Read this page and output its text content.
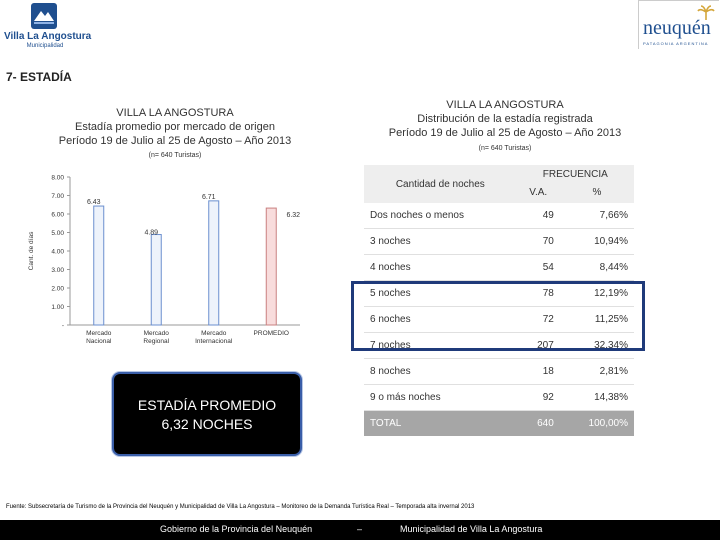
Villa La Angostura
Municipalidad
neuquén
PATAGONIA ARGENTINA
7- ESTADÍA
VILLA LA ANGOSTURA
Estadía promedio por mercado de origen
Período 19 de Julio al 25 de Agosto – Año 2013
(n= 640 Turistas)
-
1.00
2.00
3.00
4.00
5.00
6.00
7.00
8.00
Cant. de días
6.43
Mercado
Nacional
4.89
Mercado
Regional
6.71
Mercado
Internacional
6.32
PROMEDIO
VILLA LA ANGOSTURA
Distribución de la estadía registrada
Período 19 de Julio al 25 de Agosto – Año 2013
(n= 640 Turistas)
Cantidad de noches	FRECUENCIA	
	V.A.	%
Dos noches o menos	49	7,66%
3 noches	70	10,94%
4 noches	54	8,44%
5 noches	78	12,19%
6 noches	72	11,25%
7 noches	207	32,34%
8 noches	18	2,81%
9 o más noches	92	14,38%
TOTAL	640	100,00%
ESTADÍA PROMEDIO
6,32 NOCHES
Fuente: Subsecretaría de Turismo de la Provincia del Neuquén y Municipalidad de Villa La Angostura – Monitoreo de la Demanda Turística Real – Temporada alta invernal 2013
Gobierno de la Provincia del Neuquén	–	Municipalidad de Villa La Angostura
